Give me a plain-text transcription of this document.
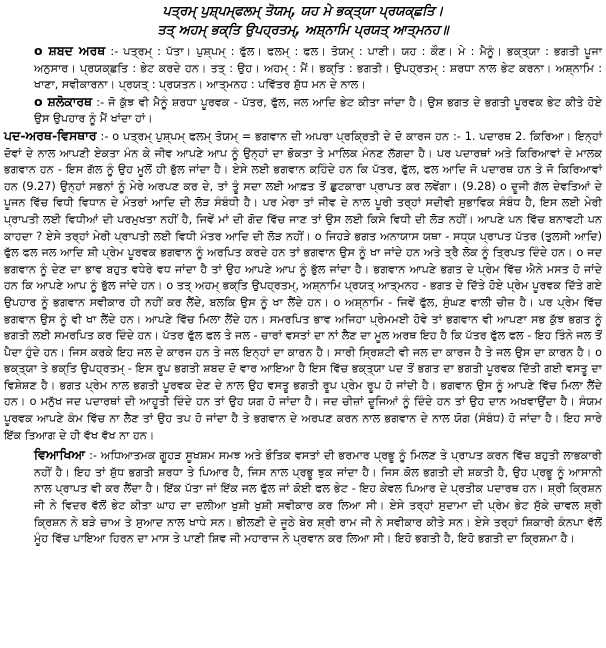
ਪਤ੍ਰਮ੍ ਪੁਸ਼੍ਪਮ੍ਫਲਮ੍ ਤੋਯਮ੍, ਯਹ ਮੇ ਭਕ੍ਤ੍ਯਾ ਪ੍ਰਯਕ੍ਛਤਿ।

ਤਤ੍ ਅਹਮ੍ ਭਕ੍ਤਿ ਉਪਹ੍ਰਤਮ੍, ਅਸ਼੍ਨਾਮਿ ਪ੍ਰਯਤ੍ ਆਤ੍ਮਨਹ॥

o ਸ਼ਬਦ ਅਰਥ :- ਪਤ੍ਰਮ੍ : ਪੱਤਾ। ਪੁਸ਼੍ਪਮ੍ : ਫੁੱਲ। ਫਲਮ੍ : ਫਲ। ਤੋਯਮ੍ : ਪਾਣੀ। ਯਹ : ਕੌਣ। ਮੇ : ਮੈਨੂੰ। ਭਕ੍ਤ੍ਯਾ : ਭਗਤੀ ਪੂਜਾ ਅਨੁਸਾਰ। ਪ੍ਰਯਕ੍ਛਤਿ : ਭੇਟ ਕਰਦੇ ਹਨ। ਤਤ੍ : ਉਹ। ਅਹਮ੍ : ਮੈਂ। ਭਕ੍ਤਿ : ਭਗਤੀ। ਉਪਹ੍ਰਤਮ੍ : ਸ਼ਰਧਾ ਨਾਲ ਭੇਟ ਕਰਨਾ। ਅਸ਼੍ਨਾਮਿ : ਖਾਣਾ, ਸਵੀਕਾਰਨਾ। ਪ੍ਰਯਤ੍ : ਪ੍ਰਯਤਨ। ਆਤ੍ਮਨਹ : ਪਵਿੱਤਰ ਸ਼ੁੱਧ ਮਨ ਦੇ ਨਾਲ।

o ਸ਼ਲੋਕਾਰਥ :- ਜੋ ਕੁੱਝ ਵੀ ਮੈਨੂੰ ਸ਼ਰਧਾ ਪੂਰਵਕ - ਪੱਤਰ, ਫੁੱਲ, ਜਲ ਆਦਿ ਭੇਟ ਕੀਤਾ ਜਾਂਦਾ ਹੈ। ਉਸ ਭਗਤ ਦੇ ਭਗਤੀ ਪੂਰਵਕ ਭੇਟ ਕੀਤੇ ਹੋਏ ਉਸ ਉਪਹਾਰ ਨੂੰ ਮੈਂ ਖਾਂਦਾ ਹਾਂ।

ਪਦ-ਅਰਥ-ਵਿਸਥਾਰ :- o ਪਤ੍ਰਮ੍ ਪੁਸ਼੍ਪਮ੍ ਫਲਮ੍ ਤੋਯਮ੍ = ਭਗਵਾਨ ਦੀ ਅਪਰਾ ਪ੍ਰਕ੍ਰਿਤੀ ਦੇ ਦੋ ਕਾਰਜ ਹਨ :- 1. ਪਦਾਰਥ 2. ਕਿਰਿਆ। ਇਨ੍ਹਾਂ ਦੋਵਾਂ ਦੇ ਨਾਲ ਆਪਣੀ ਏਕਤਾ ਮੰਨ ਕੇ ਜੀਵ ਆਪਣੇ ਆਪ ਨੂੰ ਉਨ੍ਹਾਂ ਦਾ ਭੋਕਤਾ ਤੇ ਮਾਲਿਕ ਮੰਨਣ ਲੱਗਦਾ ਹੈ। ਪਰ ਪਦਾਰਥਾਂ ਅਤੇ ਕਿਰਿਆਵਾਂ ਦੇ ਮਾਲਕ ਭਗਵਾਨ ਹਨ - ਇਸ ਗੱਲ ਨੂੰ ਉਹ ਮੂਲੋਂ ਹੀ ਭੁੱਲ ਜਾਂਦਾ ਹੈ। ਏਸੇ ਲਈ ਭਗਵਾਨ ਕਹਿੰਦੇ ਹਨ ਕਿ ਪੱਤਰ, ਫੁੱਲ, ਫਲ ਆਦਿ ਜੋ ਪਦਾਰਥ ਹਨ ਤੇ ਜੋ ਕਿਰਿਆਵਾਂ ਹਨ (9.27) ਉਨ੍ਹਾਂ ਸਭਨਾਂ ਨੂੰ ਮੇਰੇ ਅਰਪਣ ਕਰ ਦੇ, ਤਾਂ ਤੂੰ ਸਦਾ ਲਈ ਆਫ਼ਤ ਤੋਂ ਛੁਟਕਾਰਾ ਪ੍ਰਾਪਤ ਕਰ ਲਵੇਂਗਾ। (9.28) o ਦੂਜੀ ਗੱਲ ਦੇਵਤਿਆਂ ਦੇ ਪੂਜਨ ਵਿੱਚ ਵਿਧੀ ਵਿਧਾਨ ਦੇ ਮੰਤਰਾਂ ਆਦਿ ਦੀ ਲੋੜ ਸੰਬੰਧੀ ਹੈ। ਪਰ ਮੇਰਾ ਤਾਂ ਜੀਵ ਦੇ ਨਾਲ ਪੂਰੀ ਤਰ੍ਹਾਂ ਸਦੀਵੀ ਸੁਭਾਵਿਕ ਸੰਬੰਧ ਹੈ, ਇਸ ਲਈ ਮੇਰੀ ਪ੍ਰਾਪਤੀ ਲਈ ਵਿਧੀਆਂ ਦੀ ਪਰਮੁਖਤਾ ਨਹੀਂ ਹੈ, ਜਿਵੇਂ ਮਾਂ ਦੀ ਗੋਦ ਵਿੱਚ ਜਾਣ ਤਾਂ ਉਸ ਲਈ ਕਿਸੇ ਵਿਧੀ ਦੀ ਲੋੜ ਨਹੀਂ। ਆਪਣੇ ਪਨ ਵਿੱਚ ਬਨਾਵਟੀ ਪਨ ਕਾਹਦਾ ? ਏਸੇ ਤਰ੍ਹਾਂ ਮੇਰੀ ਪ੍ਰਾਪਤੀ ਲਈ ਵਿਧੀ ਮੰਤਰ ਆਦਿ ਦੀ ਲੋੜ ਨਹੀਂ। o ਜਿਹੜੇ ਭਗਤ ਅਨਾਯਾਸ ਯਥਾ - ਸਧ੍ਯ ਪ੍ਰਾਪਤ ਪੱਤਰ (ਤੁਲਸੀ ਆਦਿ) ਫੁੱਲ ਫਲ ਜਲ ਆਦਿ ਸ਼ੀ ਪ੍ਰੇਮ ਪੂਰਵਕ ਭਗਵਾਨ ਨੂੰ ਅਰਪਿਤ ਕਰਦੇ ਹਨ ਤਾਂ ਭਗਵਾਨ ਉਸ ਨੂੰ ਖਾ ਜਾਂਦੇ ਹਨ ਅਤੇ ਤ੍ਰੈ ਲੋਕ ਨੂੰ ਤ੍ਰਿਪਤ ਦਿੰਦੇ ਹਨ। o ਜਦ ਭਗਵਾਨ ਨੂੰ ਦੇਣ ਦਾ ਭਾਵ ਬਹੁਤ ਵਧੇਰੇ ਵਧ ਜਾਂਦਾ ਹੈ ਤਾਂ ਉਹ ਆਪਣੇ ਆਪ ਨੂੰ ਭੁੱਲ ਜਾਂਦਾ ਹੈ। ਭਗਵਾਨ ਆਪਣੇ ਭਗਤ ਦੇ ਪ੍ਰੇਮ ਵਿੱਚ ਐਨੇ ਮਸਤ ਹੋ ਜਾਂਦੇ ਹਨ ਕਿ ਆਪਣੇ ਆਪ ਨੂੰ ਭੁੱਲ ਜਾਂਦੇ ਹਨ। o ਤਤ੍ ਅਹਮ੍ ਭਕ੍ਤਿ ਉਪਹ੍ਰਤਮ੍, ਅਸ਼੍ਨਾਮਿ ਪ੍ਰਯਤ੍ ਆਤ੍ਮਨਹ - ਭਗਤ ਦੇ ਦਿੱਤੇ ਹੋਏ ਪ੍ਰੇਮ ਪੂਰਵਕ ਦਿੱਤੇ ਗਏ ਉਪਹਾਰ ਨੂੰ ਭਗਵਾਨ ਸਵੀਕਾਰ ਹੀ ਨਹੀਂ ਕਰ ਲੈਂਦੇ, ਬਲਕਿ ਉਸ ਨੂੰ ਖਾ ਲੈਂਦੇ ਹਨ। o ਅਸ਼੍ਨਾਮਿ - ਜਿਵੇਂ ਫੁੱਲ, ਸੁੰਘਣ ਵਾਲੀ ਚੀਜ਼ ਹੈ। ਪਰ ਪ੍ਰੇਮ ਵਿੱਚ ਭਗਵਾਨ ਉਸ ਨੂੰ ਵੀ ਖਾ ਲੈਂਦੇ ਹਨ। ਆਪਣੇ ਵਿੱਚ ਮਿਲਾ ਲੈਂਦੇ ਹਨ। ਸਮਰਪਿਤ ਭਾਵ ਅਜਿਹਾ ਪ੍ਰੇਮਮਈ ਹੋਵੇ ਤਾਂ ਭਗਵਾਨ ਵੀ ਆਪਣਾ ਸਭ ਕੁੱਝ ਭਗਤ ਨੂੰ ਭਗਤੀ ਲਈ ਸਮਰਪਿਤ ਕਰ ਦਿੰਦੇ ਹਨ। ਪੱਤਰ ਫੁੱਲ ਫਲ ਤੇ ਜਲ - ਚਾਰਾਂ ਵਸਤਾਂ ਦਾ ਨਾਂ ਲੈਣ ਦਾ ਮੂਲ ਅਰਥ ਇਹ ਹੈ ਕਿ ਪੱਤਰ ਫੁੱਲ ਫਲ - ਇਹ ਤਿੰਨੇ ਜਲ ਤੋਂ ਪੈਦਾ ਹੁੰਦੇ ਹਨ। ਜਿਸ ਕਰਕੇ ਇਹ ਜਲ ਦੇ ਕਾਰਜ ਹਨ ਤੇ ਜਲ ਇਨ੍ਹਾਂ ਦਾ ਕਾਰਨ ਹੈ। ਸਾਰੀ ਸ੍ਰਿਸ਼ਟੀ ਵੀ ਜਲ ਦਾ ਕਾਰਜ ਹੈ ਤੇ ਜਲ ਉਸ ਦਾ ਕਾਰਨ ਹੈ। o ਭਕ੍ਤ੍ਯਾ ਤੇ ਭਕ੍ਤਿ ਉਪਹ੍ਰਤਮ੍ - ਇਸ ਰੂਪ ਭਗਤੀ ਸ਼ਬਦ ਦੋ ਵਾਰ ਆਇਆ ਹੈ ਇਸ ਵਿੱਚ ਭਕ੍ਤ੍ਯਾ ਪਦ ਤੋਂ ਭਗਤ ਦਾ ਭਗਤੀ ਪੂਰਵਕ ਦਿੱਤੀ ਗਈ ਵਸਤੂ ਦਾ ਵਿਸ਼ੇਸ਼ਣ ਹੈ। ਭਗਤ ਪ੍ਰੇਮ ਨਾਲ ਭਗਤੀ ਪੂਰਵਕ ਦੇਣ ਦੇ ਨਾਲ ਉਹ ਵਸਤੂ ਭਗਤੀ ਰੂਪ ਪ੍ਰੇਮ ਰੂਪ ਹੋ ਜਾਂਦੀ ਹੈ। ਭਗਵਾਨ ਉਸ ਨੂੰ ਆਪਣੇ ਵਿੱਚ ਮਿਲਾ ਲੈਂਦੇ ਹਨ। o ਮਨੁੱਖ ਜਦ ਪਦਾਰਥਾਂ ਦੀ ਆਹੂਤੀ ਦਿੰਦੇ ਹਨ ਤਾਂ ਉਹ ਯਗ ਹੋ ਜਾਂਦਾ ਹੈ। ਜਦ ਚੀਜ਼ਾਂ ਦੂਜਿਆਂ ਨੂੰ ਦਿੰਦੇ ਹਨ ਤਾਂ ਉਹ ਦਾਨ ਅਖਵਾਉਂਦਾ ਹੈ। ਸੰਯਮ ਪੂਰਵਕ ਆਪਣੇ ਕੰਮ ਵਿੱਚ ਨਾ ਲੈਣ ਤਾਂ ਉਹ ਤਪ ਹੋ ਜਾਂਦਾ ਹੈ ਤੇ ਭਗਵਾਨ ਦੇ ਅਰਪਣ ਕਰਨ ਨਾਲ ਭਗਵਾਨ ਦੇ ਨਾਲ ਯੋਗ (ਸੰਬੰਧ) ਹੋ ਜਾਂਦਾ ਹੈ। ਇਹ ਸਾਰੇ ਇੱਕ ਤਿਆਗ ਦੇ ਹੀ ਵੱਖ ਵੱਖ ਨਾ ਹਨ।

ਵਿਆਖਿਆ :- ਅਧਿਆਤਮਕ ਗੂਹੜ ਸੂਖਸ਼ਮ ਸਮਝ ਅਤੇ ਭੌਤਿਕ ਵਸਤਾਂ ਦੀ ਭਰਮਾਰ ਪ੍ਰਭੂ ਨੂੰ ਮਿਲਣ ਤੇ ਪ੍ਰਾਪਤ ਕਰਨ ਵਿੱਚ ਬਹੁਤੀ ਲਾਭਕਾਰੀ ਨਹੀਂ ਹੈ। ਇਹ ਤਾਂ ਸ਼ੁੱਧ ਭਗਤੀ ਸ਼ਰਧਾ ਤੇ ਪਿਆਰ ਹੈ, ਜਿਸ ਨਾਲ ਪ੍ਰਭੂ ਝੁਕ ਜਾਂਦਾ ਹੈ। ਜਿਸ ਕੋਲ ਭਗਤੀ ਦੀ ਸ਼ਕਤੀ ਹੈ, ਉਹ ਪ੍ਰਭੂ ਨੂੰ ਆਸਾਨੀ ਨਾਲ ਪ੍ਰਾਪਤ ਵੀ ਕਰ ਲੈਂਦਾ ਹੈ। ਇੱਕ ਪੱਤਾ ਜਾਂ ਇੱਕ ਜਲ ਫੁੱਲ ਜਾਂ ਕੋਈ ਫਲ ਭੇਟ - ਇਹ ਕੇਵਲ ਪਿਆਰ ਦੇ ਪ੍ਰਤੀਕ ਪਦਾਰਥ ਹਨ। ਸ਼੍ਰੀ ਕ੍ਰਿਸ਼ਨ ਜੀ ਨੇ ਵਿਦਰ ਵੱਲੋਂ ਭੇਟ ਕੀਤਾ ਘਾਹ ਦਾ ਦਲੀਆ ਖੁਸ਼ੀ ਖੁਸ਼ੀ ਸਵੀਕਾਰ ਕਰ ਲਿਆ ਸੀ। ਏਸੇ ਤਰ੍ਹਾਂ ਸੁਦਾਮਾ ਦੀ ਪ੍ਰੇਮ ਭੇਟ ਸੁੱਕੇ ਚਾਵਲ ਸ਼੍ਰੀ ਕ੍ਰਿਸ਼ਨ ਨੇ ਬੜੇ ਚਾਅ ਤੇ ਸੁਆਦ ਨਾਲ ਖਾਧੇ ਸਨ। ਭੀਲਣੀ ਦੇ ਜੂਠੇ ਬੇਰ ਸ਼੍ਰੀ ਰਾਮ ਜੀ ਨੇ ਸਵੀਕਾਰ ਕੀਤੇ ਸਨ। ਏਸੇ ਤਰ੍ਹਾਂ ਸ਼ਿਕਾਰੀ ਕੰਨਪਾ ਵੱਲੋਂ ਮੂੰਹ ਵਿੱਚ ਪਾਇਆ ਹਿਰਨ ਦਾ ਮਾਸ ਤੇ ਪਾਣੀ ਸ਼ਿਵ ਜੀ ਮਹਾਰਾਜ ਨੇ ਪ੍ਰਵਾਨ ਕਰ ਲਿਆ ਸੀ। ਇਹੋ ਭਗਤੀ ਹੈ, ਇਹੋ ਭਗਤੀ ਦਾ ਕ੍ਰਿਸ਼ਮਾ ਹੈ।
